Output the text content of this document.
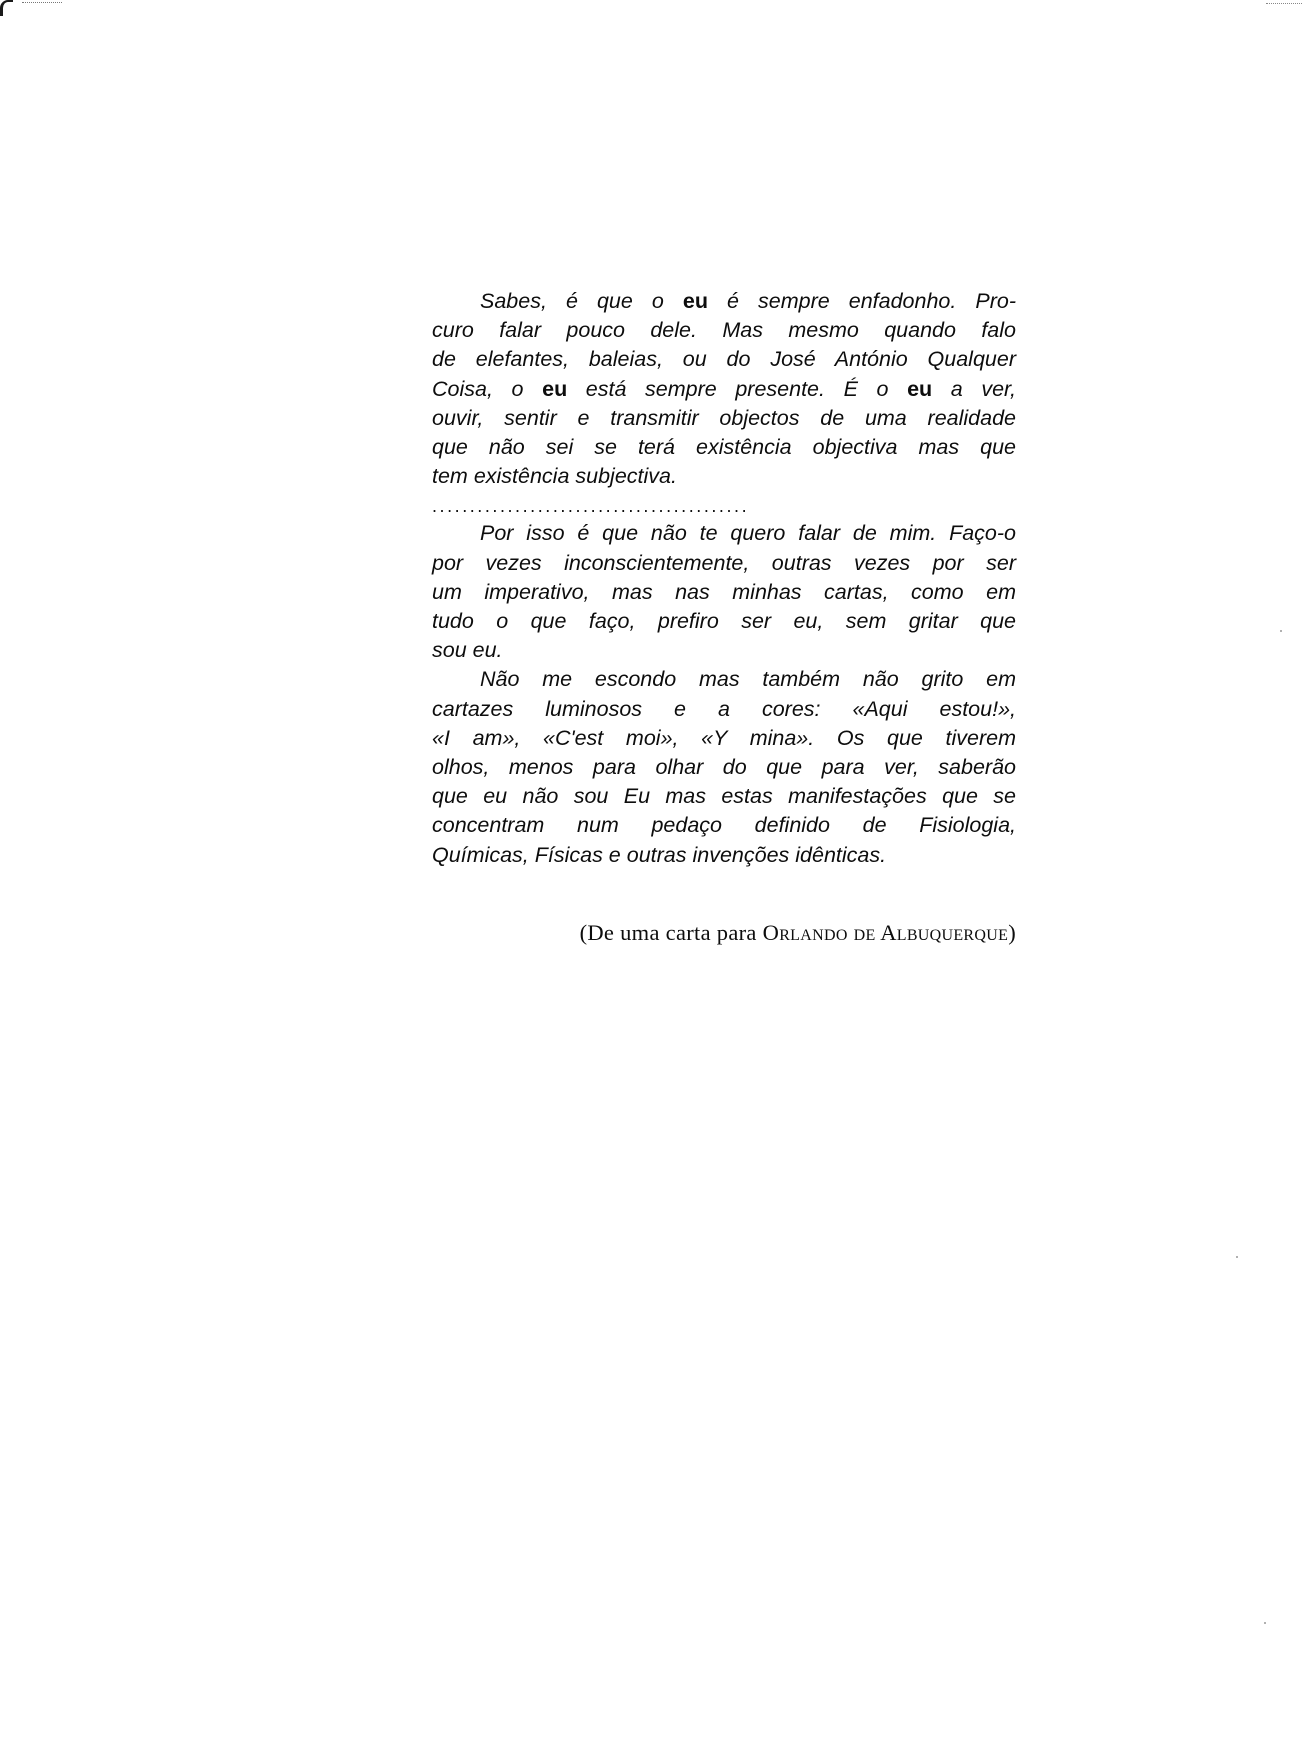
Sabes, é que o eu é sempre enfadonho. Pro-
curo falar pouco dele. Mas mesmo quando falo
de elefantes, baleias, ou do José António Qualquer
Coisa, o eu está sempre presente. É o eu a ver,
ouvir, sentir e transmitir objectos de uma realidade
que não sei se terá existência objectiva mas que
tem existência subjectiva.
..........................................
Por isso é que não te quero falar de mim. Faço-o
por vezes inconscientemente, outras vezes por ser
um imperativo, mas nas minhas cartas, como em
tudo o que faço, prefiro ser eu, sem gritar que
sou eu.
Não me escondo mas também não grito em
cartazes luminosos e a cores: «Aqui estou!»,
«I am», «C'est moi», «Y mina». Os que tiverem
olhos, menos para olhar do que para ver, saberão
que eu não sou Eu mas estas manifestações que se
concentram num pedaço definido de Fisiologia,
Químicas, Físicas e outras invenções idênticas.
(De uma carta para Orlando de Albuquerque)
